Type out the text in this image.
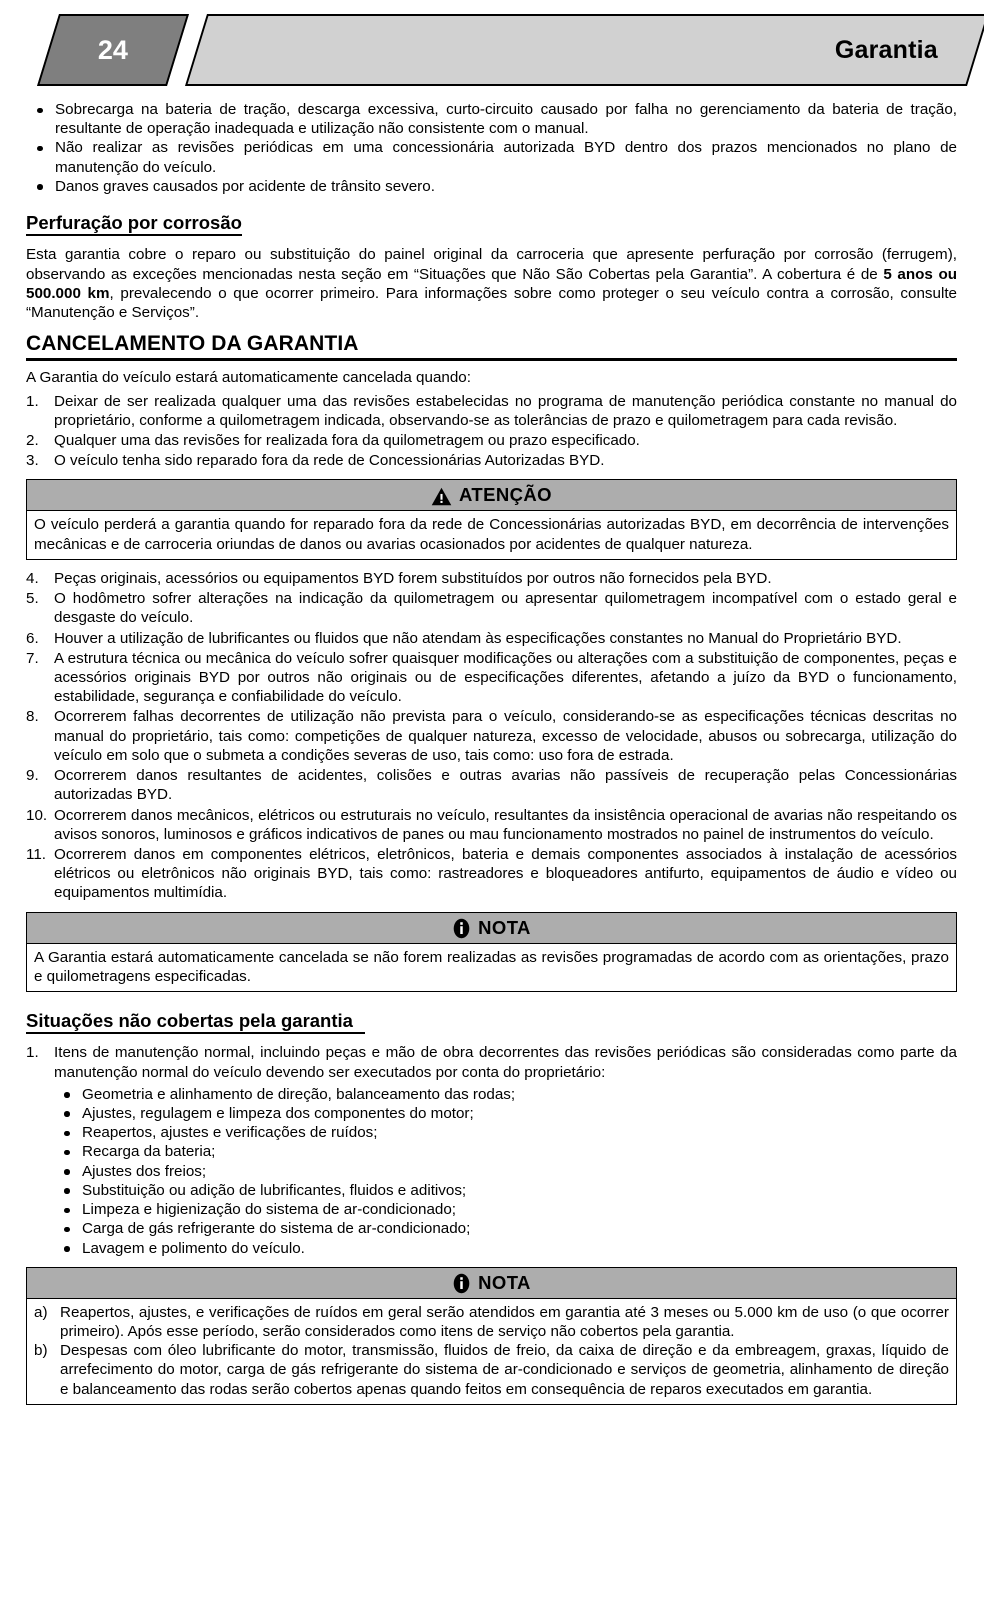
24	Garantia
Sobrecarga na bateria de tração, descarga excessiva, curto-circuito causado por falha no gerenciamento da bateria de tração, resultante de operação inadequada e utilização não consistente com o manual.
Não realizar as revisões periódicas em uma concessionária autorizada BYD dentro dos prazos mencionados no plano de manutenção do veículo.
Danos graves causados por acidente de trânsito severo.
Perfuração por corrosão

Esta garantia cobre o reparo ou substituição do painel original da carroceria que apresente perfuração por corrosão (ferrugem), observando as exceções mencionadas nesta seção em “Situações que Não São Cobertas pela Garantia”. A cobertura é de 5 anos ou 500.000 km, prevalecendo o que ocorrer primeiro. Para informações sobre como proteger o seu veículo contra a corrosão, consulte “Manutenção e Serviços”.

CANCELAMENTO DA GARANTIA

A Garantia do veículo estará automaticamente cancelada quando:

1.	Deixar de ser realizada qualquer uma das revisões estabelecidas no programa de manutenção periódica constante no manual do proprietário, conforme a quilometragem indicada, observando-se as tolerâncias de prazo e quilometragem para cada revisão.
2.	Qualquer uma das revisões for realizada fora da quilometragem ou prazo especificado.
3.	O veículo tenha sido reparado fora da rede de Concessionárias Autorizadas BYD.
ATENÇÃO
O veículo perderá a garantia quando for reparado fora da rede de Concessionárias autorizadas BYD, em decorrência de intervenções mecânicas e de carroceria oriundas de danos ou avarias ocasionados por acidentes de qualquer natureza.
4.	Peças originais, acessórios ou equipamentos BYD forem substituídos por outros não fornecidos pela BYD.
5.	O hodômetro sofrer alterações na indicação da quilometragem ou apresentar quilometragem incompatível com o estado geral e desgaste do veículo.
6.	Houver a utilização de lubrificantes ou fluidos que não atendam às especificações constantes no Manual do Proprietário BYD.
7.	A estrutura técnica ou mecânica do veículo sofrer quaisquer modificações ou alterações com a substituição de componentes, peças e acessórios originais BYD por outros não originais ou de especificações diferentes, afetando a juízo da BYD o funcionamento, estabilidade, segurança e confiabilidade do veículo.
8.	Ocorrerem falhas decorrentes de utilização não prevista para o veículo, considerando-se as especificações técnicas descritas no manual do proprietário, tais como: competições de qualquer natureza, excesso de velocidade, abusos ou sobrecarga, utilização do veículo em solo que o submeta a condições severas de uso, tais como: uso fora de estrada.
9.	Ocorrerem danos resultantes de acidentes, colisões e outras avarias não passíveis de recuperação pelas Concessionárias autorizadas BYD.
10. Ocorrerem danos mecânicos, elétricos ou estruturais no veículo, resultantes da insistência operacional de avarias não respeitando os avisos sonoros, luminosos e gráficos indicativos de panes ou mau funcionamento mostrados no painel de instrumentos do veículo.
11. Ocorrerem danos em componentes elétricos, eletrônicos, bateria e demais componentes associados à instalação de acessórios elétricos ou eletrônicos não originais BYD, tais como: rastreadores e bloqueadores antifurto, equipamentos de áudio e vídeo ou equipamentos multimídia.
NOTA
A Garantia estará automaticamente cancelada se não forem realizadas as revisões programadas de acordo com as orientações, prazo e quilometragens especificadas.
Situações não cobertas pela garantia
1.	Itens de manutenção normal, incluindo peças e mão de obra decorrentes das revisões periódicas são consideradas como parte da manutenção normal do veículo devendo ser executados por conta do proprietário:
Geometria e alinhamento de direção, balanceamento das rodas;
Ajustes, regulagem e limpeza dos componentes do motor;
Reapertos, ajustes e verificações de ruídos;
Recarga da bateria;
Ajustes dos freios;
Substituição ou adição de lubrificantes, fluidos e aditivos;
Limpeza e higienização do sistema de ar-condicionado;
Carga de gás refrigerante do sistema de ar-condicionado;
Lavagem e polimento do veículo.
NOTA
a) Reapertos, ajustes, e verificações de ruídos em geral serão atendidos em garantia até 3 meses ou 5.000 km de uso (o que ocorrer primeiro). Após esse período, serão considerados como itens de serviço não cobertos pela garantia.
b) Despesas com óleo lubrificante do motor, transmissão, fluidos de freio, da caixa de direção e da embreagem, graxas, líquido de arrefecimento do motor, carga de gás refrigerante do sistema de ar-condicionado e serviços de geometria, alinhamento de direção e balanceamento das rodas serão cobertos apenas quando feitos em consequência de reparos executados em garantia.
